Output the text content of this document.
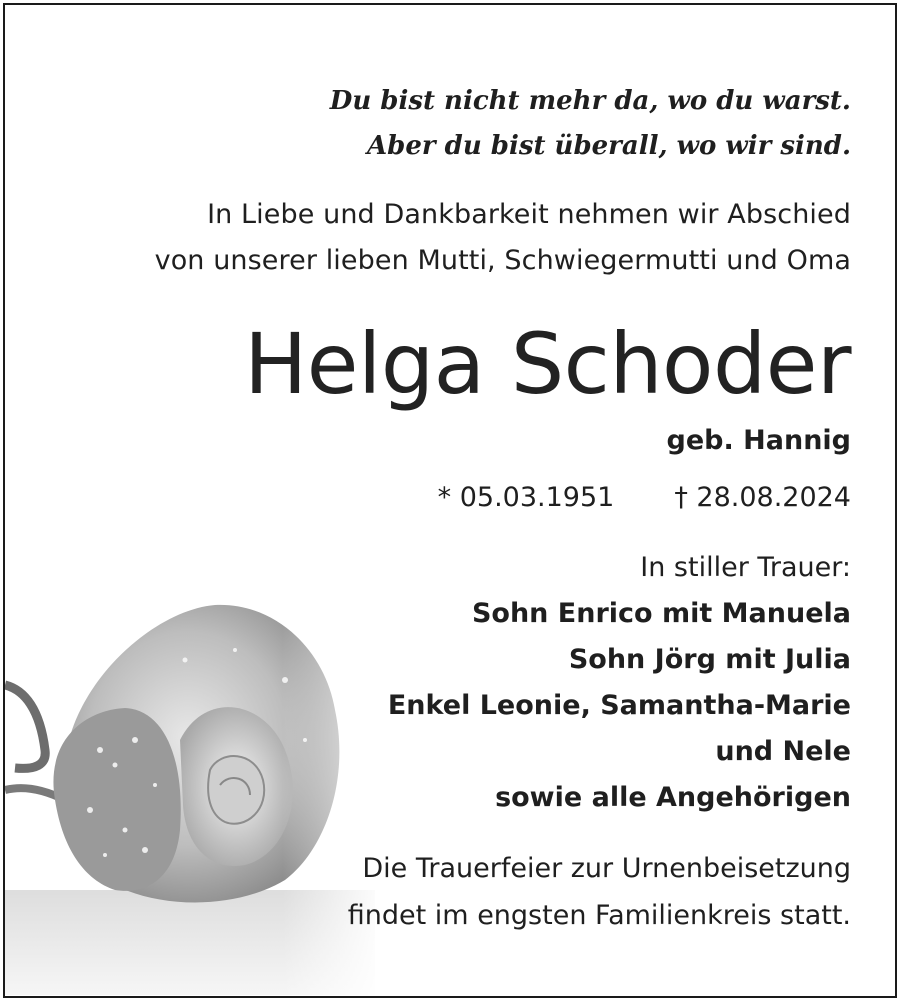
Du bist nicht mehr da, wo du warst.
Aber du bist überall, wo wir sind.
In Liebe und Dankbarkeit nehmen wir Abschied
von unserer lieben Mutti, Schwiegermutti und Oma
Helga Schoder
geb. Hannig
* 05.03.1951 † 28.08.2024
In stiller Trauer:
Sohn Enrico mit Manuela
Sohn Jörg mit Julia
Enkel Leonie, Samantha-Marie
und Nele
sowie alle Angehörigen
Die Trauerfeier zur Urnenbeisetzung
findet im engsten Familienkreis statt.
